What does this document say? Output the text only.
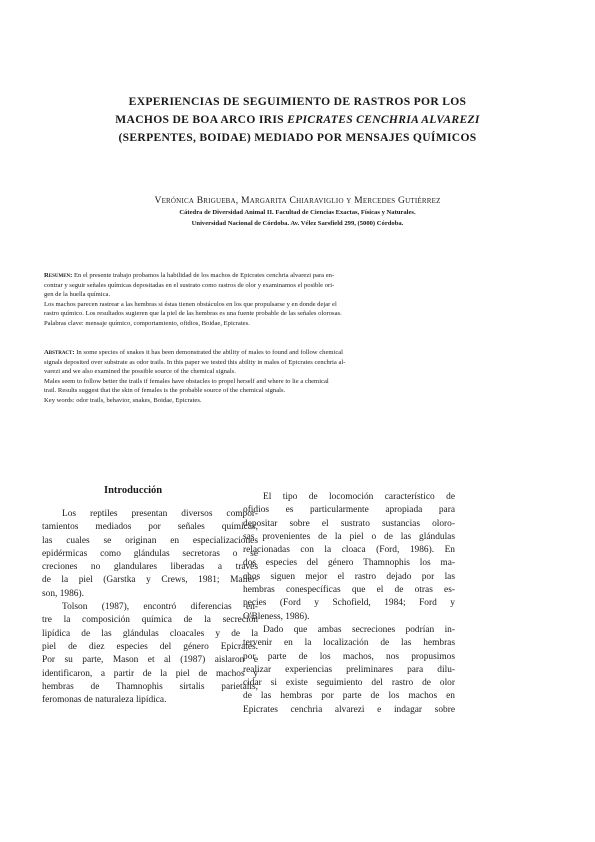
EXPERIENCIAS DE SEGUIMIENTO DE RASTROS POR LOS
MACHOS DE BOA ARCO IRIS EPICRATES CENCHRIA ALVAREZI
(SERPENTES, BOIDAE) MEDIADO POR MENSAJES QUÍMICOS
Verónica Brigueba, Margarita Chiaraviglio y Mercedes Gutiérrez
Cátedra de Diversidad Animal II. Facultad de Ciencias Exactas, Físicas y Naturales.
Universidad Nacional de Córdoba. Av. Vélez Sarsfield 299, (5000) Córdoba.
Resumen: En el presente trabajo probamos la habilidad de los machos de Epicrates cenchria alvarezi para en-
contrar y seguir señales químicas depositadas en el sustrato como rastros de olor y examinamos el posible ori-
gen de la huella química.
Los machos parecen rastrear a las hembras si éstas tienen obstáculos en los que propulsarse y en donde dejar el
rastro químico. Los resultados sugieren que la piel de las hembras es una fuente probable de las señales olorosas.
Palabras clave: mensaje químico, comportamiento, ofidios, Boidae, Epicrates.
Abstract: In some species of snakes it has been demonstrated the ability of males to found and follow chemical
signals deposited over substrate as odor trails. In this paper we tested this ability in males of Epicrates cenchria al-
varezi and we also examined the possible source of the chemical signals.
Males seem to follow better the trails if females have obstacles to propel herself and where to lie a chemical
trail. Results suggest that the skin of females is the probable source of the chemical signals.
Key words: odor trails, behavior, snakes, Boidae, Epicrates.
Introducción
Los reptiles presentan diversos compor-
tamientos mediados por señales químicas,
las cuales se originan en especializaciones
epidérmicas como glándulas secretoras o se
creciones no glandulares liberadas a través
de la piel (Garstka y Crews, 1981; Mailer-
son, 1986).
Tolson (1987), encontró diferencias en-
tre la composición química de la secreción
lipídica de las glándulas cloacales y de la
piel de diez especies del género Epicrates.
Por su parte, Mason et al (1987) aislaron e
identificaron, a partir de la piel de machos y
hembras de Thamnophis sirtalis parietalis,
feromonas de naturaleza lipídica.
El tipo de locomoción característico de
ofidios es particularmente apropiada para
depositar sobre el sustrato sustancias oloro-
sas provenientes de la piel o de las glándulas
relacionadas con la cloaca (Ford, 1986). En
dos especies del género Thamnophis los ma-
chos siguen mejor el rastro dejado por las
hembras conespecíficas que el de otras es-
pecies (Ford y Schofield, 1984; Ford y
O'Bleness, 1986).
Dado que ambas secreciones podrían in-
tervenir en la localización de las hembras
por parte de los machos, nos propusimos
realizar experiencias preliminares para dilu-
cidar si existe seguimiento del rastro de olor
de las hembras por parte de los machos en
Epicrates cenchria alvarezi e indagar sobre
